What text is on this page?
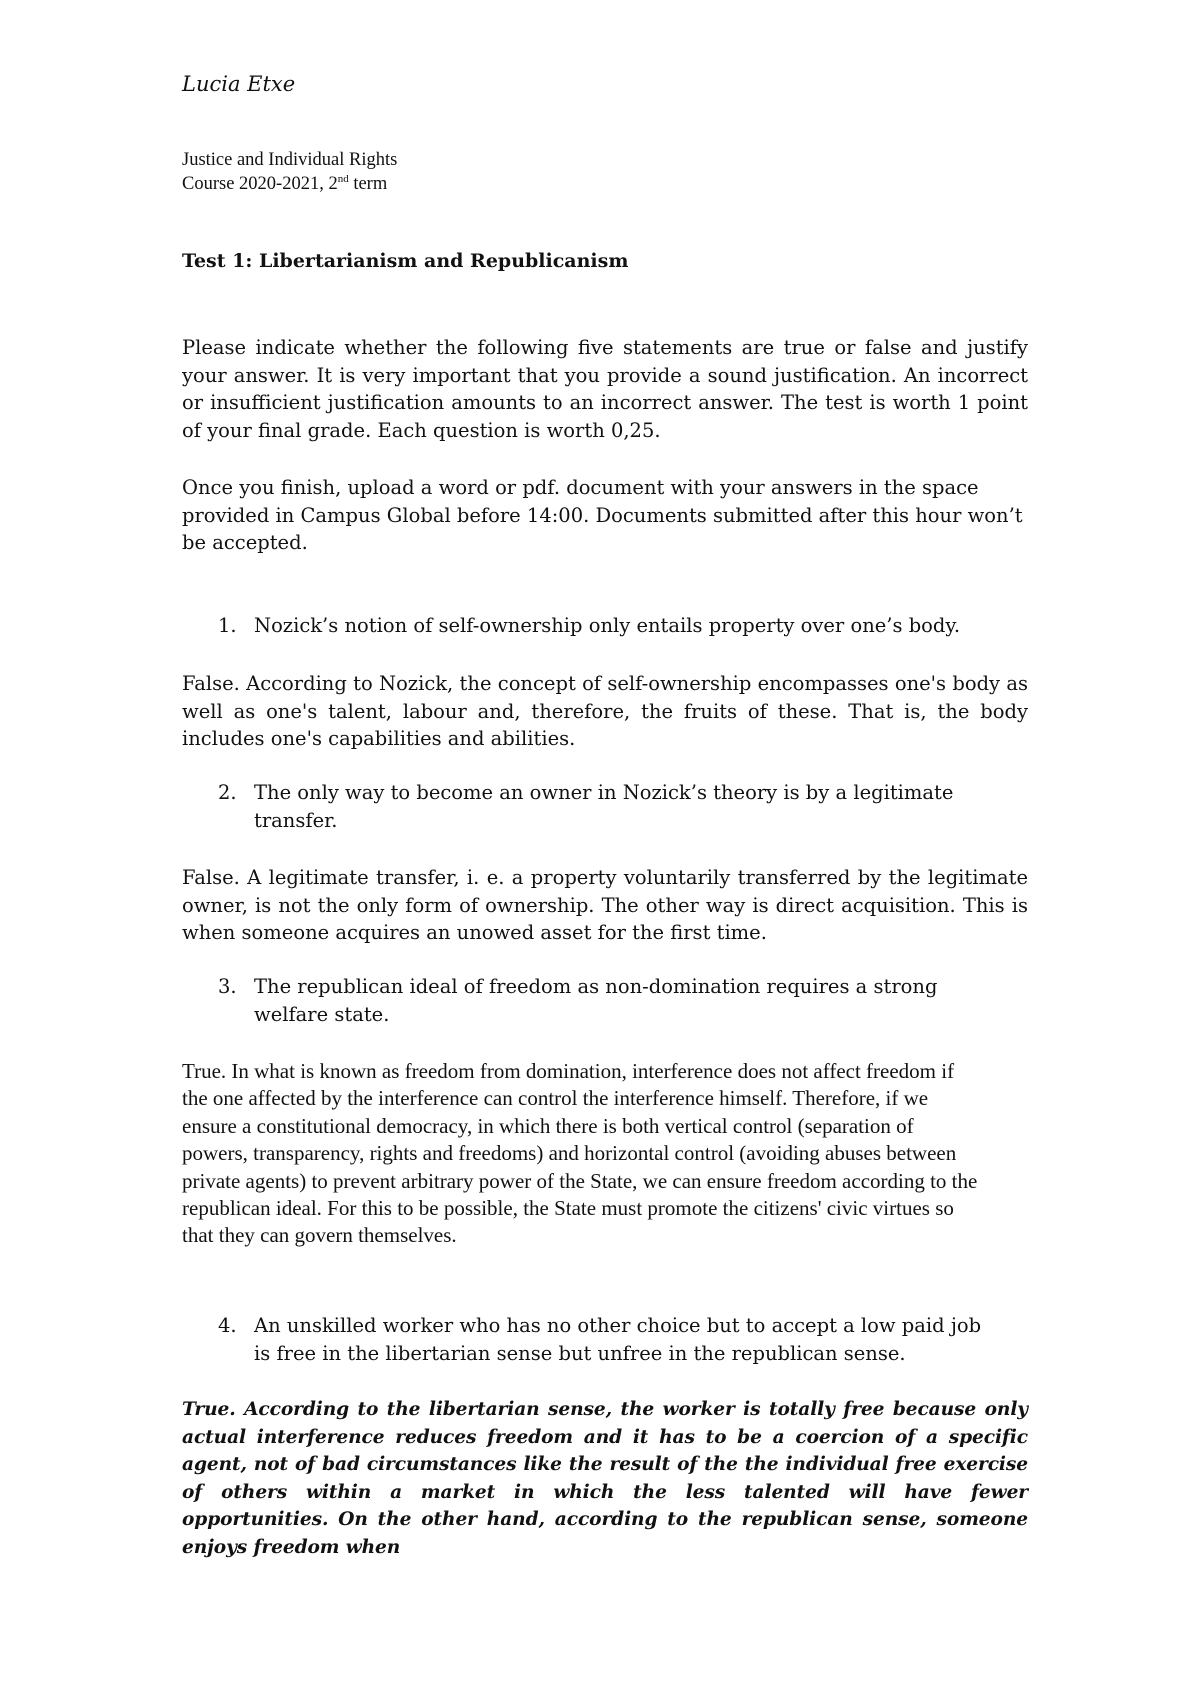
Lucia Etxe
Justice and Individual Rights
Course 2020-2021, 2nd term
Test 1: Libertarianism and Republicanism

Please indicate whether the following five statements are true or false and justify your answer. It is very important that you provide a sound justification. An incorrect or insufficient justification amounts to an incorrect answer. The test is worth 1 point of your final grade. Each question is worth 0,25.

Once you finish, upload a word or pdf. document with your answers in the space provided in Campus Global before 14:00. Documents submitted after this hour won’t be accepted.

1. Nozick’s notion of self-ownership only entails property over one’s body.

False. According to Nozick, the concept of self-ownership encompasses one's body as well as one's talent, labour and, therefore, the fruits of these. That is, the body includes one's capabilities and abilities.

2. The only way to become an owner in Nozick’s theory is by a legitimate transfer.

False. A legitimate transfer, i. e. a property voluntarily transferred by the legitimate owner, is not the only form of ownership. The other way is direct acquisition. This is when someone acquires an unowed asset for the first time.

3. The republican ideal of freedom as non-domination requires a strong welfare state.

True. In what is known as freedom from domination, interference does not affect freedom if the one affected by the interference can control the interference himself. Therefore, if we ensure a constitutional democracy, in which there is both vertical control (separation of powers, transparency, rights and freedoms) and horizontal control (avoiding abuses between private agents) to prevent arbitrary power of the State, we can ensure freedom according to the republican ideal. For this to be possible, the State must promote the citizens' civic virtues so that they can govern themselves.

4. An unskilled worker who has no other choice but to accept a low paid job is free in the libertarian sense but unfree in the republican sense.

True. According to the libertarian sense, the worker is totally free because only actual interference reduces freedom and it has to be a coercion of a specific agent, not of bad circumstances like the result of the the individual free exercise of others within a market in which the less talented will have fewer opportunities. On the other hand, according to the republican sense, someone enjoys freedom when
